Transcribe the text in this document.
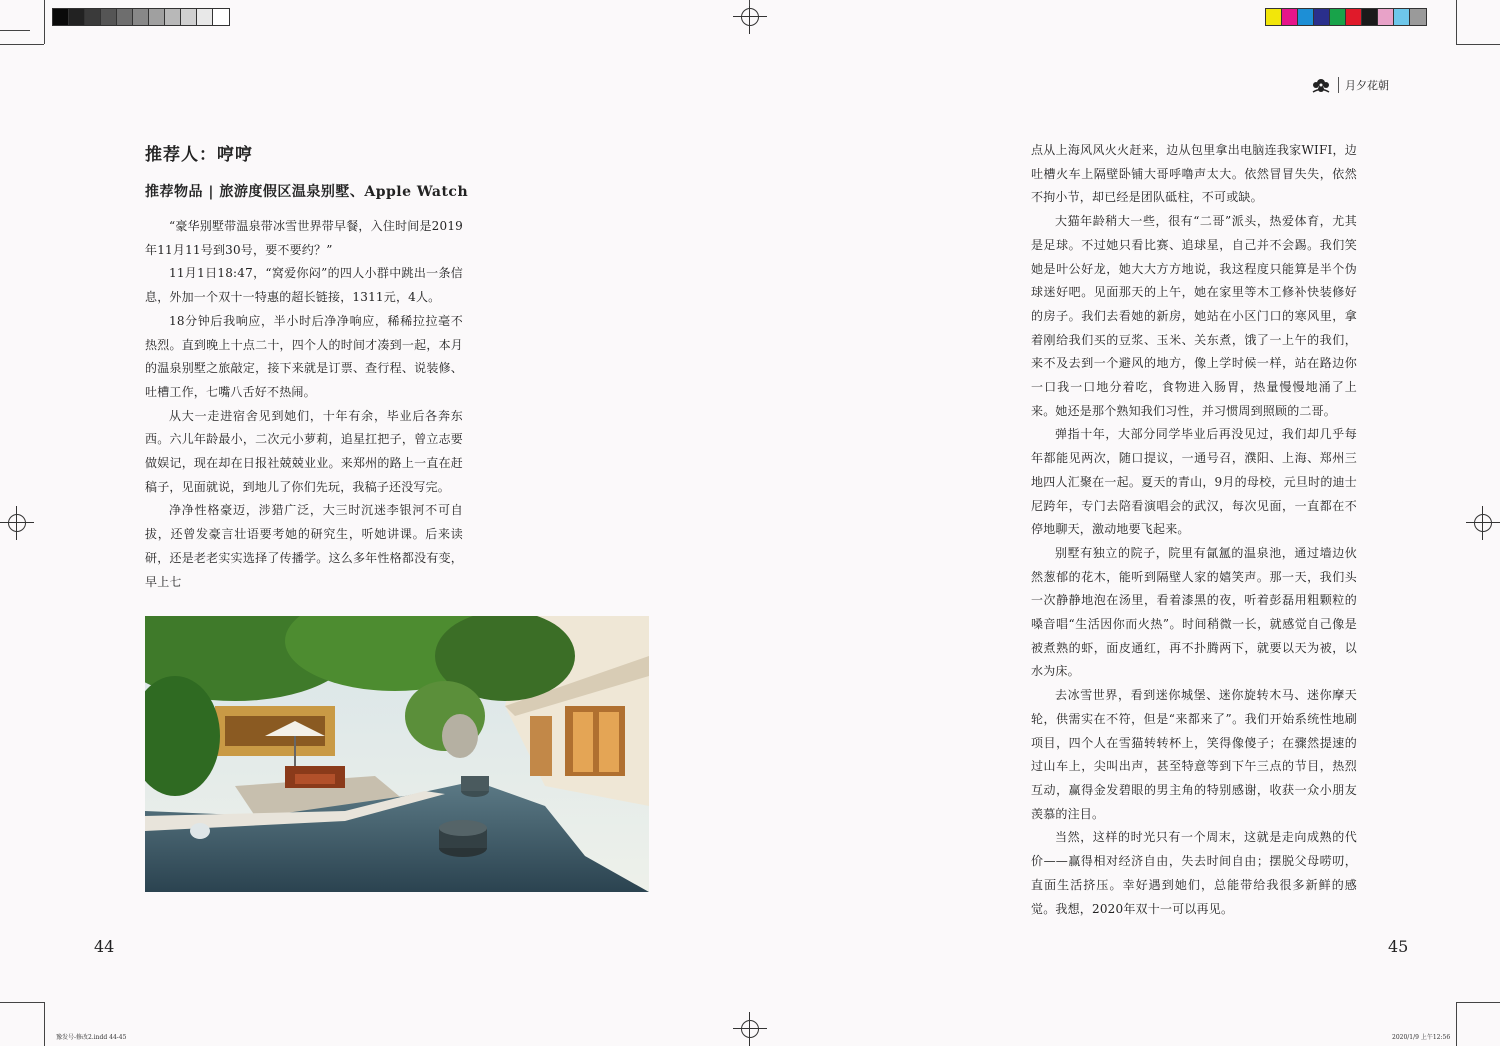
月夕花朝
推荐人：哼哼
推荐物品 | 旅游度假区温泉别墅、Apple Watch

“豪华别墅带温泉带冰雪世界带早餐，入住时间是2019年11月11号到30号，要不要约？”

11月1日18:47，“窝爱你闷”的四人小群中跳出一条信息，外加一个双十一特惠的超长链接，1311元，4人。

18分钟后我响应，半小时后净净响应，稀稀拉拉毫不热烈。直到晚上十点二十，四个人的时间才凑到一起，本月的温泉别墅之旅敲定，接下来就是订票、查行程、说装修、吐槽工作，七嘴八舌好不热闹。

从大一走进宿舍见到她们，十年有余，毕业后各奔东西。六儿年龄最小，二次元小萝莉，追星扛把子，曾立志要做娱记，现在却在日报社兢兢业业。来郑州的路上一直在赶稿子，见面就说，到地儿了你们先玩，我稿子还没写完。

净净性格豪迈，涉猎广泛，大三时沉迷李银河不可自拔，还曾发豪言壮语要考她的研究生，听她讲课。后来读研，还是老老实实选择了传播学。这么多年性格都没有变，早上七

44

点从上海风风火火赶来，边从包里拿出电脑连我家WIFI，边吐槽火车上隔壁卧铺大哥呼噜声太大。依然冒冒失失，依然不拘小节，却已经是团队砥柱，不可或缺。

大猫年龄稍大一些，很有“二哥”派头，热爱体育，尤其是足球。不过她只看比赛、追球星，自己并不会踢。我们笑她是叶公好龙，她大大方方地说，我这程度只能算是半个伪球迷好吧。见面那天的上午，她在家里等木工修补快装修好的房子。我们去看她的新房，她站在小区门口的寒风里，拿着刚给我们买的豆浆、玉米、关东煮，饿了一上午的我们，来不及去到一个避风的地方，像上学时候一样，站在路边你一口我一口地分着吃，食物进入肠胃，热量慢慢地涌了上来。她还是那个熟知我们习性，并习惯周到照顾的二哥。

弹指十年，大部分同学毕业后再没见过，我们却几乎每年都能见两次，随口提议，一通号召，濮阳、上海、郑州三地四人汇聚在一起。夏天的青山，9月的母校，元旦时的迪士尼跨年，专门去陪看演唱会的武汉，每次见面，一直都在不停地聊天，激动地要飞起来。

别墅有独立的院子，院里有氤氲的温泉池，通过墙边伙然葱郁的花木，能听到隔壁人家的嬉笑声。那一天，我们头一次静静地泡在汤里，看着漆黑的夜，听着彭磊用粗颗粒的嗓音唱“生活因你而火热”。时间稍微一长，就感觉自己像是被煮熟的虾，面皮通红，再不扑腾两下，就要以天为被，以水为床。

去冰雪世界，看到迷你城堡、迷你旋转木马、迷你摩天轮，供需实在不符，但是“来都来了”。我们开始系统性地刷项目，四个人在雪猫转转杯上，笑得像傻子；在骤然提速的过山车上，尖叫出声，甚至特意等到下午三点的节目，热烈互动，赢得金发碧眼的男主角的特别感谢，收获一众小朋友羡慕的注目。

当然，这样的时光只有一个周末，这就是走向成熟的代价——赢得相对经济自由，失去时间自由；摆脱父母唠叨，直面生活挤压。幸好遇到她们，总能带给我很多新鲜的感觉。我想，2020年双十一可以再见。

45
豫发号-修改2.indd 44-45	2020/1/9 上午12:56
